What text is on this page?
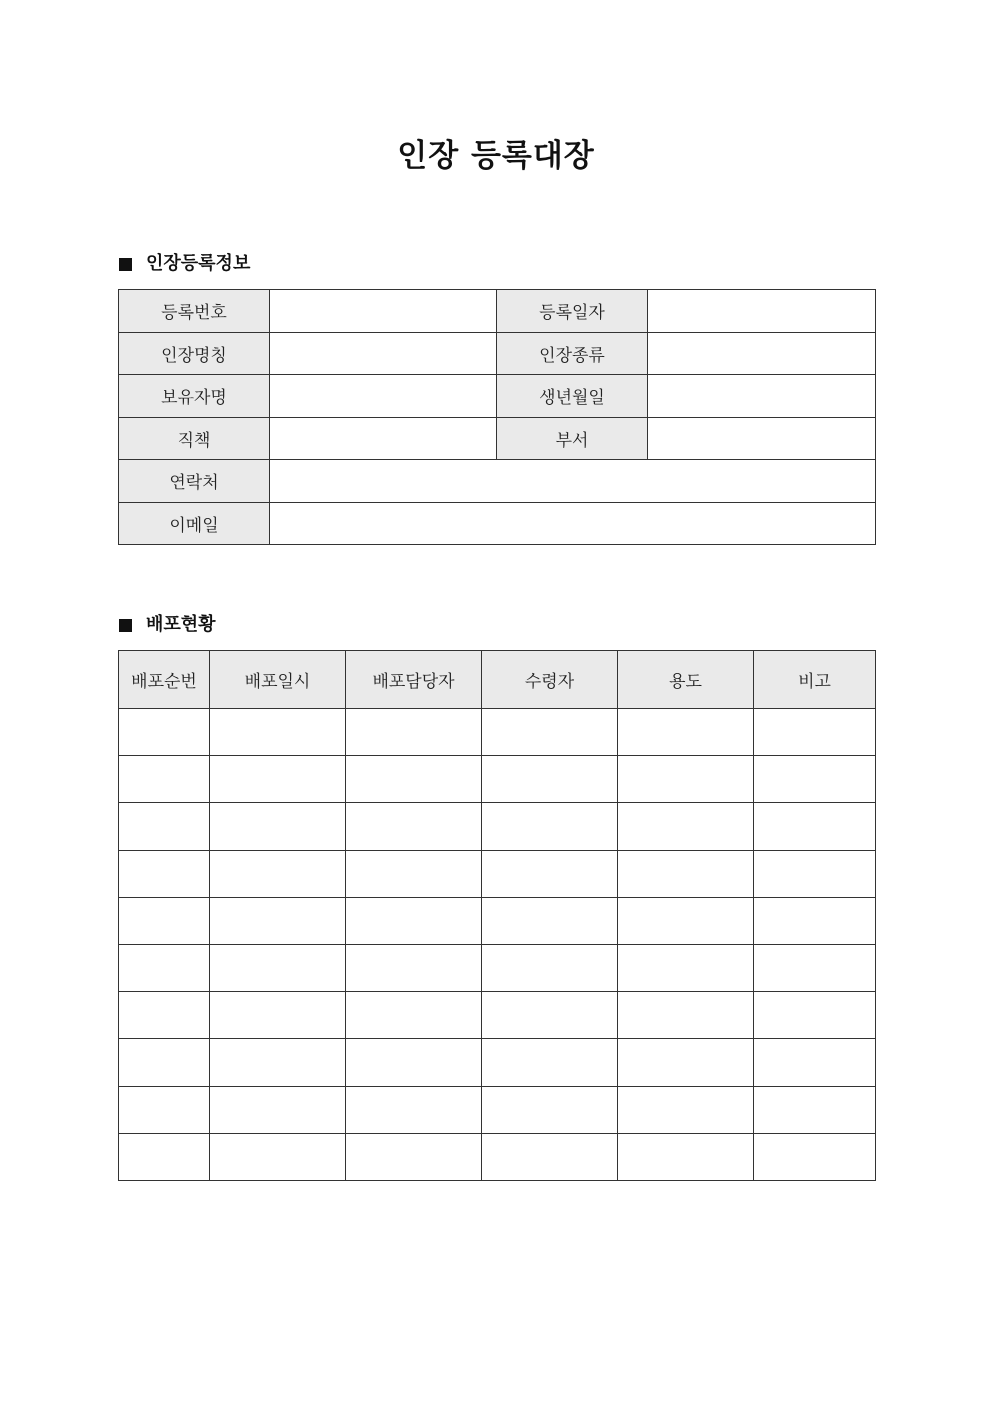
인장 등록대장
인장등록정보
등록번호		등록일자	
인장명칭		인장종류	
보유자명		생년월일	
직책		부서	
연락처			
이메일			
배포현황
배포순번	배포일시	배포담당자	수령자	용도	비고
